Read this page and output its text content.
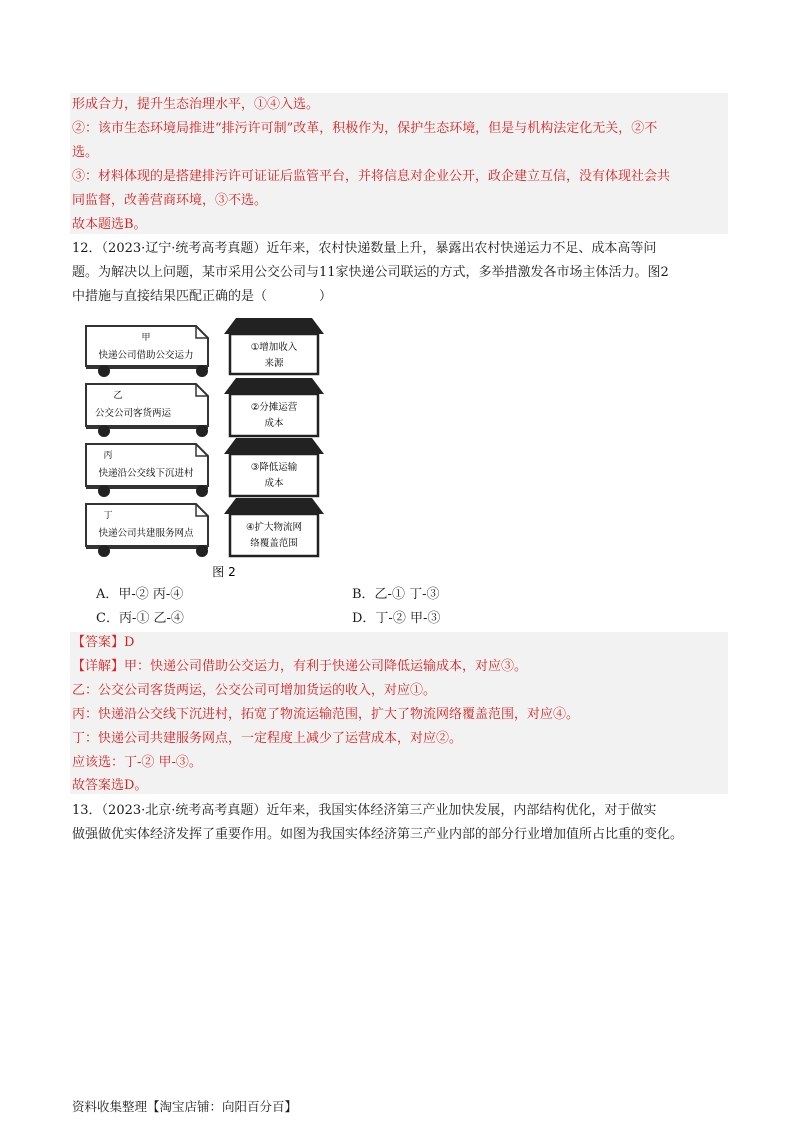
形成合力，提升生态治理水平，①④入选。
②：该市生态环境局推进“排污许可制”改革，积极作为，保护生态环境，但是与机构法定化无关，②不
选。
③：材料体现的是搭建排污许可证证后监管平台，并将信息对企业公开，政企建立互信，没有体现社会共
同监督，改善营商环境，③不选。
故本题选B。
12．（2023·辽宁·统考高考真题）近年来，农村快递数量上升，暴露出农村快递运力不足、成本高等问
题。为解决以上问题，某市采用公交公司与11家快递公司联运的方式，多举措激发各市场主体活力。图2
中措施与直接结果匹配正确的是（　　　　）
甲
快递公司借助公交运力
乙
公交公司客货两运
丙
快递沿公交线下沉进村
丁
快递公司共建服务网点
①增加收入
来源
②分摊运营
成本
③降低运输
成本
④扩大物流网
络覆盖范围
图 2
A．甲-② 丙-④	B．乙-① 丁-③
C．丙-① 乙-④	D．丁-② 甲-③
【答案】D
【详解】甲：快递公司借助公交运力，有利于快递公司降低运输成本，对应③。
乙：公交公司客货两运，公交公司可增加货运的收入，对应①。
丙：快递沿公交线下沉进村，拓宽了物流运输范围，扩大了物流网络覆盖范围，对应④。
丁：快递公司共建服务网点，一定程度上减少了运营成本，对应②。
应该选：丁-② 甲-③。
故答案选D。
13．（2023·北京·统考高考真题）近年来，我国实体经济第三产业加快发展，内部结构优化，对于做实
做强做优实体经济发挥了重要作用。如图为我国实体经济第三产业内部的部分行业增加值所占比重的变化。
资料收集整理【淘宝店铺：向阳百分百】
